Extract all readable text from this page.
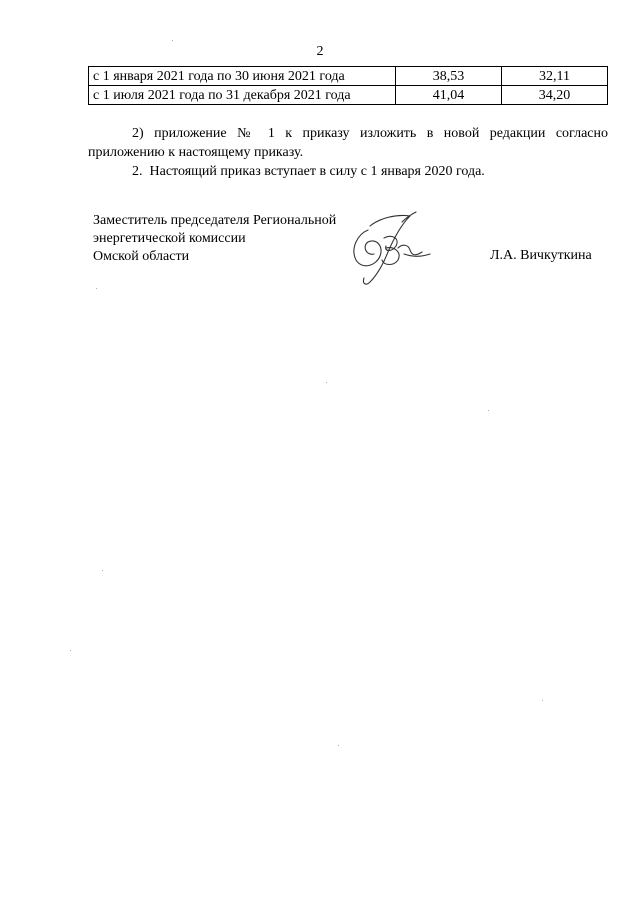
2
с 1 января 2021 года по 30 июня 2021 года	38,53	32,11
с 1 июля 2021 года по 31 декабря 2021 года	41,04	34,20
2) приложение № 1 к приказу изложить в новой редакции согласно приложению к настоящему приказу.
2.  Настоящий приказ вступает в силу с 1 января 2020 года.
Заместитель председателя Региональной
энергетической комиссии
Омской области	Л.А. Вичкуткина
